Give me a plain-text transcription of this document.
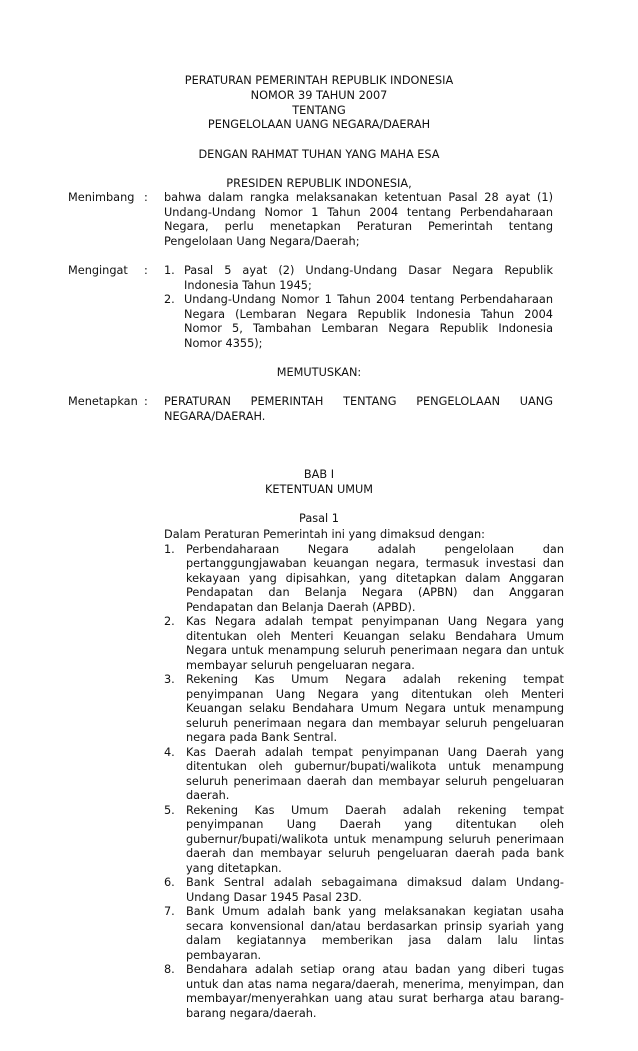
PERATURAN PEMERINTAH REPUBLIK INDONESIA
NOMOR 39 TAHUN 2007
TENTANG
PENGELOLAAN UANG NEGARA/DAERAH
DENGAN RAHMAT TUHAN YANG MAHA ESA
PRESIDEN REPUBLIK INDONESIA,
Menimbang : bahwa dalam rangka melaksanakan ketentuan Pasal 28 ayat (1) Undang-Undang Nomor 1 Tahun 2004 tentang Perbendaharaan Negara, perlu menetapkan Peraturan Pemerintah tentang Pengelolaan Uang Negara/Daerah;
Mengingat : 1. Pasal 5 ayat (2) Undang-Undang Dasar Negara Republik Indonesia Tahun 1945;
2. Undang-Undang Nomor 1 Tahun 2004 tentang Perbendaharaan Negara (Lembaran Negara Republik Indonesia Tahun 2004 Nomor 5, Tambahan Lembaran Negara Republik Indonesia Nomor 4355);
MEMUTUSKAN:
Menetapkan : PERATURAN PEMERINTAH TENTANG PENGELOLAAN UANG NEGARA/DAERAH.
BAB I
KETENTUAN UMUM
Pasal 1
Dalam Peraturan Pemerintah ini yang dimaksud dengan:
1. Perbendaharaan Negara adalah pengelolaan dan pertanggungjawaban keuangan negara, termasuk investasi dan kekayaan yang dipisahkan, yang ditetapkan dalam Anggaran Pendapatan dan Belanja Negara (APBN) dan Anggaran Pendapatan dan Belanja Daerah (APBD).
2. Kas Negara adalah tempat penyimpanan Uang Negara yang ditentukan oleh Menteri Keuangan selaku Bendahara Umum Negara untuk menampung seluruh penerimaan negara dan untuk membayar seluruh pengeluaran negara.
3. Rekening Kas Umum Negara adalah rekening tempat penyimpanan Uang Negara yang ditentukan oleh Menteri Keuangan selaku Bendahara Umum Negara untuk menampung seluruh penerimaan negara dan membayar seluruh pengeluaran negara pada Bank Sentral.
4. Kas Daerah adalah tempat penyimpanan Uang Daerah yang ditentukan oleh gubernur/bupati/walikota untuk menampung seluruh penerimaan daerah dan membayar seluruh pengeluaran daerah.
5. Rekening Kas Umum Daerah adalah rekening tempat penyimpanan Uang Daerah yang ditentukan oleh gubernur/bupati/walikota untuk menampung seluruh penerimaan daerah dan membayar seluruh pengeluaran daerah pada bank yang ditetapkan.
6. Bank Sentral adalah sebagaimana dimaksud dalam Undang-Undang Dasar 1945 Pasal 23D.
7. Bank Umum adalah bank yang melaksanakan kegiatan usaha secara konvensional dan/atau berdasarkan prinsip syariah yang dalam kegiatannya memberikan jasa dalam lalu lintas pembayaran.
8. Bendahara adalah setiap orang atau badan yang diberi tugas untuk dan atas nama negara/daerah, menerima, menyimpan, dan membayar/menyerahkan uang atau surat berharga atau barang-barang negara/daerah.
